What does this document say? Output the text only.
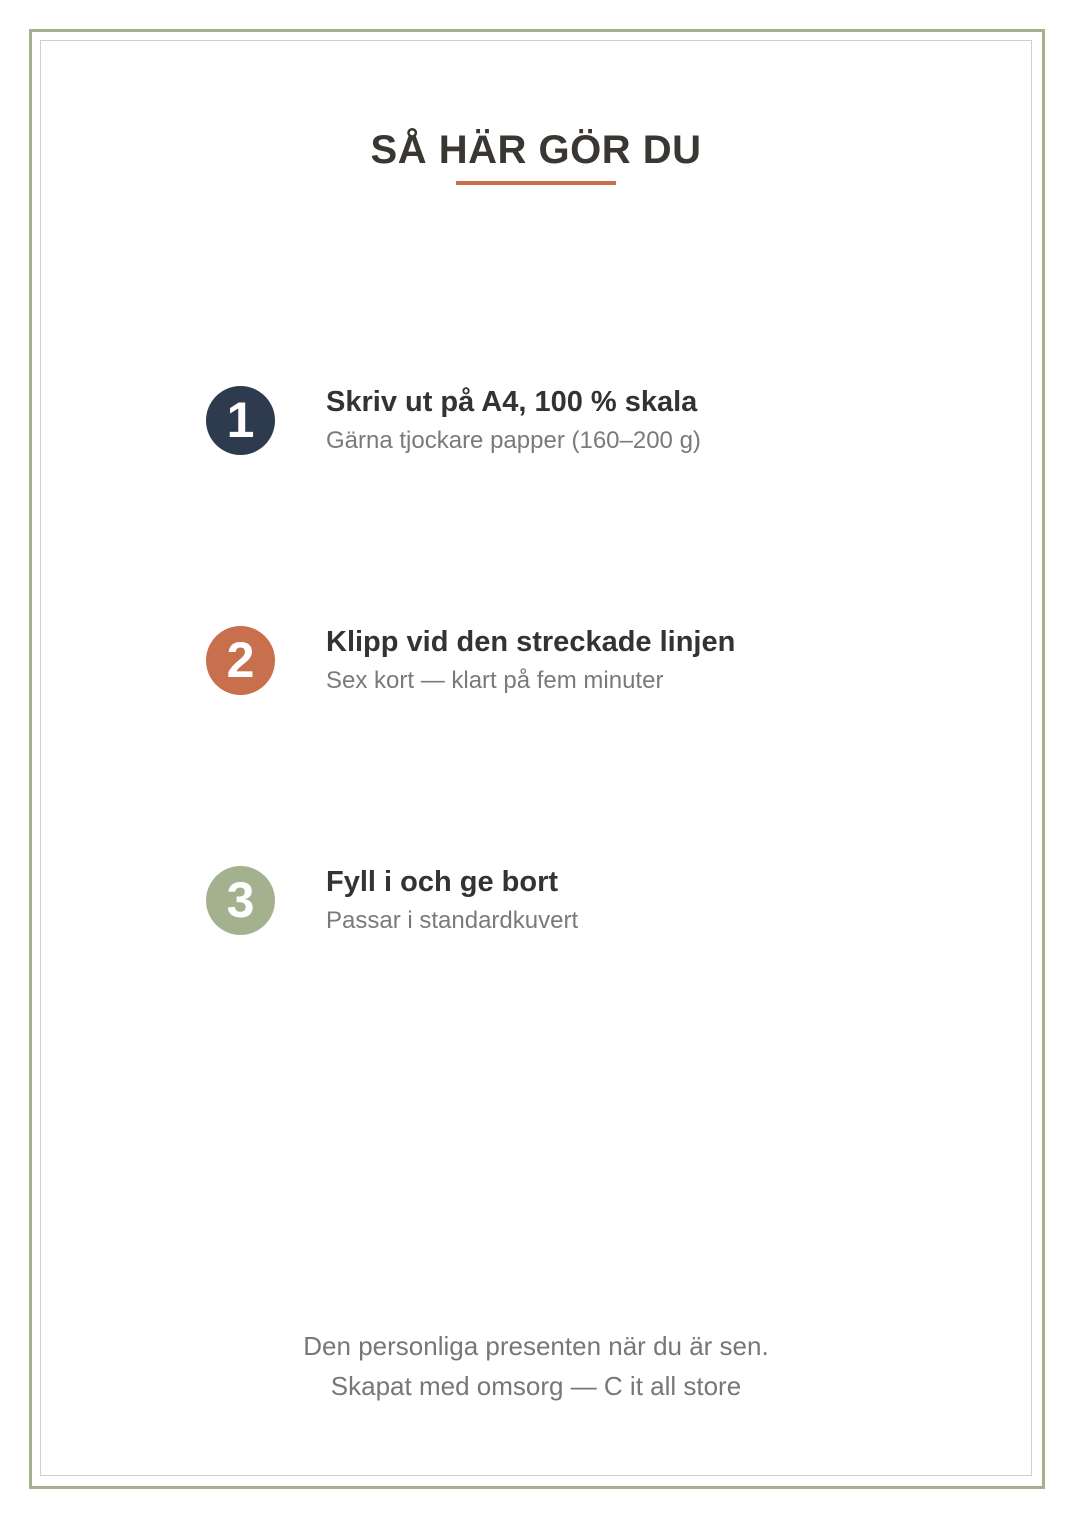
SÅ HÄR GÖR DU
1	Skriv ut på A4, 100 % skala
Gärna tjockare papper (160–200 g)
2	Klipp vid den streckade linjen
Sex kort — klart på fem minuter
3	Fyll i och ge bort
Passar i standardkuvert
Den personliga presenten när du är sen.
Skapat med omsorg — C it all store
